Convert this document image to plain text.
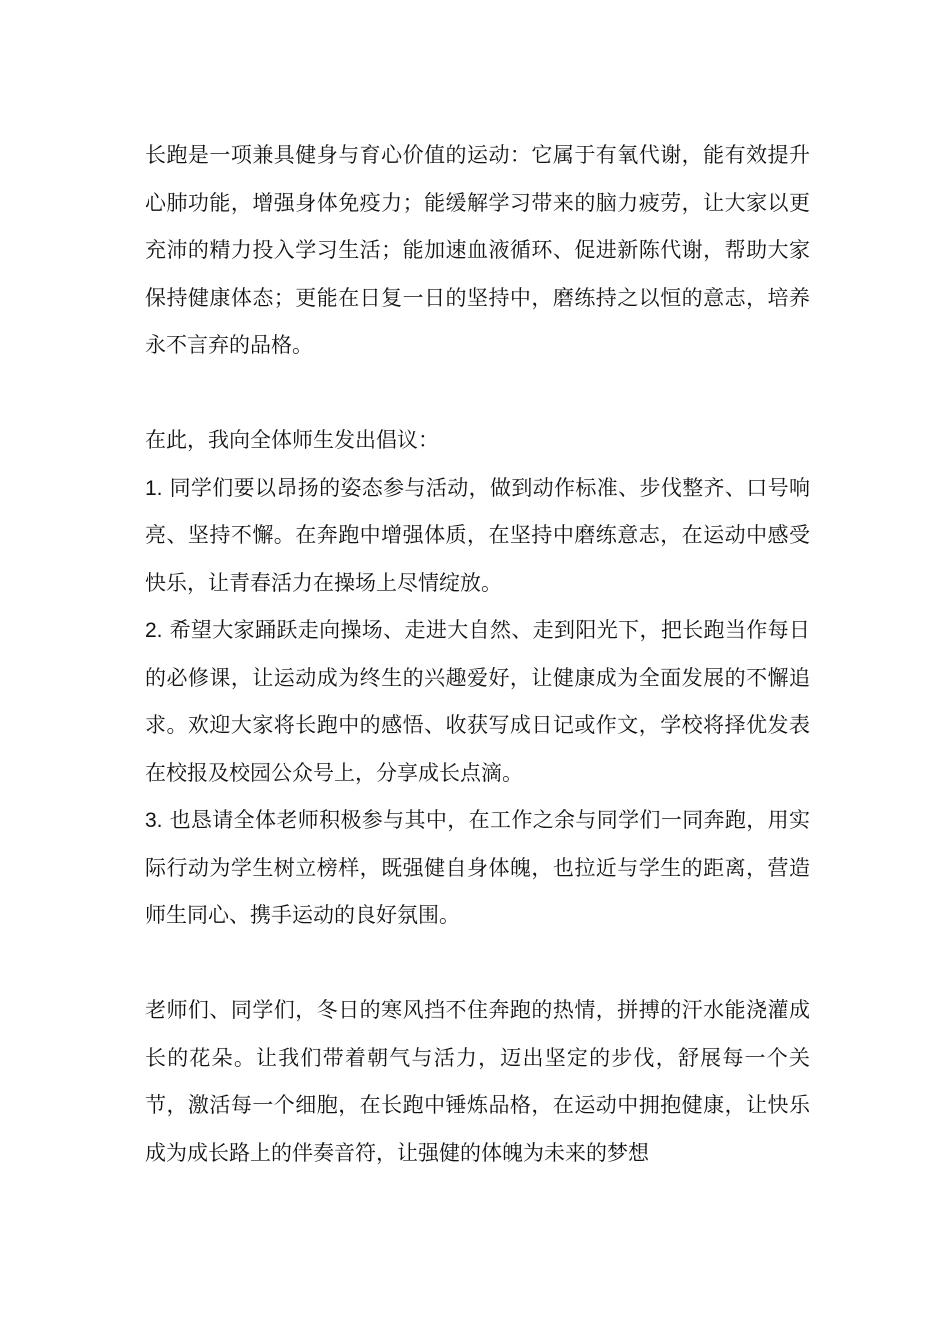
长跑是一项兼具健身与育心价值的运动：它属于有氧代谢，能有效提升心肺功能，增强身体免疫力；能缓解学习带来的脑力疲劳，让大家以更充沛的精力投入学习生活；能加速血液循环、促进新陈代谢，帮助大家保持健康体态；更能在日复一日的坚持中，磨练持之以恒的意志，培养永不言弃的品格。

在此，我向全体师生发出倡议：

1. 同学们要以昂扬的姿态参与活动，做到动作标准、步伐整齐、口号响亮、坚持不懈。在奔跑中增强体质，在坚持中磨练意志，在运动中感受快乐，让青春活力在操场上尽情绽放。

2. 希望大家踊跃走向操场、走进大自然、走到阳光下，把长跑当作每日的必修课，让运动成为终生的兴趣爱好，让健康成为全面发展的不懈追求。欢迎大家将长跑中的感悟、收获写成日记或作文，学校将择优发表在校报及校园公众号上，分享成长点滴。

3. 也恳请全体老师积极参与其中，在工作之余与同学们一同奔跑，用实际行动为学生树立榜样，既强健自身体魄，也拉近与学生的距离，营造师生同心、携手运动的良好氛围。

老师们、同学们，冬日的寒风挡不住奔跑的热情，拼搏的汗水能浇灌成长的花朵。让我们带着朝气与活力，迈出坚定的步伐，舒展每一个关节，激活每一个细胞，在长跑中锤炼品格，在运动中拥抱健康，让快乐成为成长路上的伴奏音符，让强健的体魄为未来的梦想
